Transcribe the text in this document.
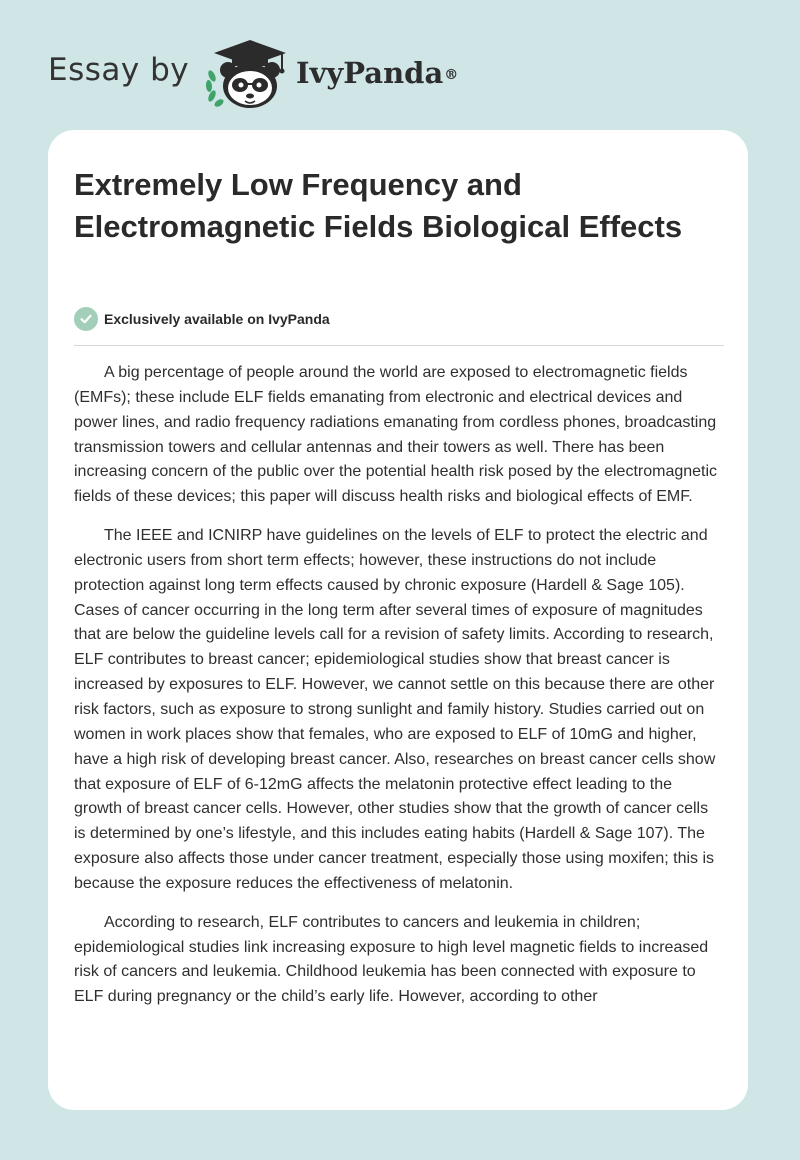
Essay by	IvyPanda®
Extremely Low Frequency and Electromagnetic Fields Biological Effects
Exclusively available on IvyPanda

A big percentage of people around the world are exposed to electromagnetic fields (EMFs); these include ELF fields emanating from electronic and electrical devices and power lines, and radio frequency radiations emanating from cordless phones, broadcasting transmission towers and cellular antennas and their towers as well. There has been increasing concern of the public over the potential health risk posed by the electromagnetic fields of these devices; this paper will discuss health risks and biological effects of EMF.

The IEEE and ICNIRP have guidelines on the levels of ELF to protect the electric and electronic users from short term effects; however, these instructions do not include protection against long term effects caused by chronic exposure (Hardell & Sage 105). Cases of cancer occurring in the long term after several times of exposure of magnitudes that are below the guideline levels call for a revision of safety limits. According to research, ELF contributes to breast cancer; epidemiological studies show that breast cancer is increased by exposures to ELF. However, we cannot settle on this because there are other risk factors, such as exposure to strong sunlight and family history. Studies carried out on women in work places show that females, who are exposed to ELF of 10mG and higher, have a high risk of developing breast cancer. Also, researches on breast cancer cells show that exposure of ELF of 6-12mG affects the melatonin protective effect leading to the growth of breast cancer cells. However, other studies show that the growth of cancer cells is determined by one’s lifestyle, and this includes eating habits (Hardell & Sage 107). The exposure also affects those under cancer treatment, especially those using moxifen; this is because the exposure reduces the effectiveness of melatonin.

According to research, ELF contributes to cancers and leukemia in children; epidemiological studies link increasing exposure to high level magnetic fields to increased risk of cancers and leukemia. Childhood leukemia has been connected with exposure to ELF during pregnancy or the child’s early life. However, according to other
